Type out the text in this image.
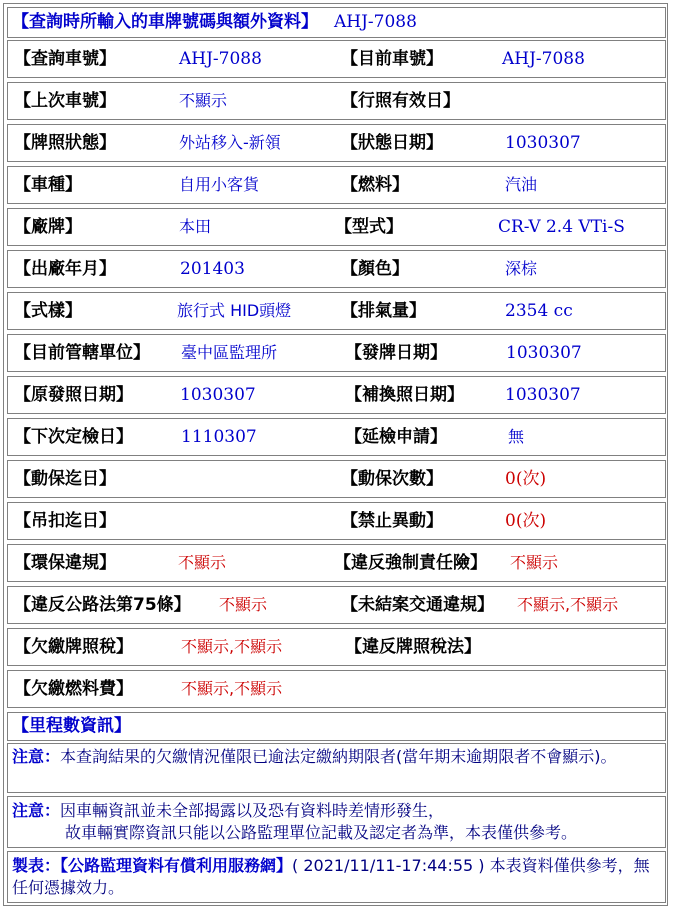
【查詢時所輸入的車牌號碼與額外資料】 AHJ-7088
【查詢車號】	AHJ-7088	【目前車號】	AHJ-7088
【上次車號】	不顯示	【行照有效日】
【牌照狀態】	外站移入-新領	【狀態日期】	1030307
【車種】	自用小客貨	【燃料】	汽油
【廠牌】	本田	【型式】	CR-V 2.4 VTi-S
【出廠年月】	201403	【顏色】	深棕
【式樣】	旅行式 HID頭燈	【排氣量】	2354 cc
【目前管轄單位】 臺中區監理所	【發牌日期】	1030307
【原發照日期】	1030307	【補換照日期】 1030307
【下次定檢日】	1110307	【延檢申請】	無
【動保迄日】	【動保次數】	0(次)
【吊扣迄日】	【禁止異動】	0(次)
【環保違規】	不顯示	【違反強制責任險】 不顯示
【違反公路法第75條】 不顯示	【未結案交通違規】 不顯示,不顯示
【欠繳牌照稅】	不顯示,不顯示	【違反牌照稅法】
【欠繳燃料費】	不顯示,不顯示
【里程數資訊】
注意：本查詢結果的欠繳情況僅限已逾法定繳納期限者(當年期末逾期限者不會顯示)。
注意：因車輛資訊並未全部揭露以及恐有資料時差情形發生，
故車輛實際資訊只能以公路監理單位記載及認定者為準，本表僅供參考。
製表：【公路監理資料有償利用服務網】( 2021/11/11-17:44:55 ) 本表資料僅供參考，無任何憑據效力。
